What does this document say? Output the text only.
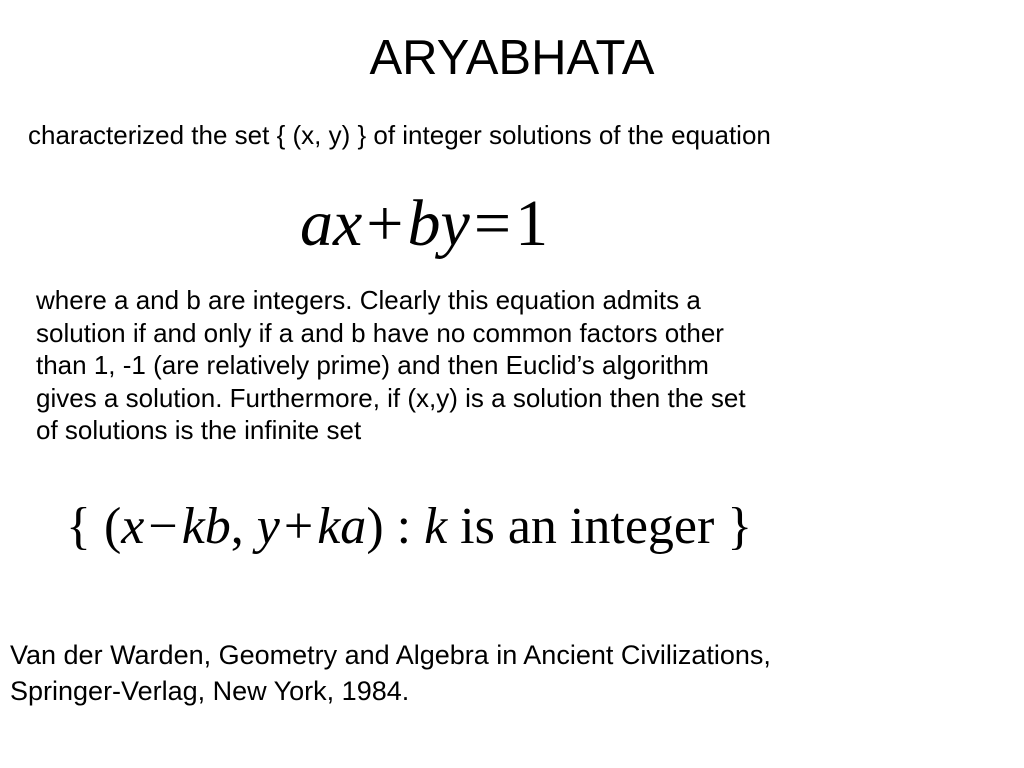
ARYABHATA
characterized the set { (x, y) } of integer solutions of the equation
ax+by=1
where a and b are integers. Clearly this equation admits a
solution if and only if a and b have no common factors other
than 1, -1 (are relatively prime) and then Euclid’s algorithm
gives a solution. Furthermore, if (x,y) is a solution then the set
of solutions is the infinite set
{ (x−kb, y+ka) : k is an integer }
Van der Warden, Geometry and Algebra in Ancient Civilizations,
Springer-Verlag, New York, 1984.
